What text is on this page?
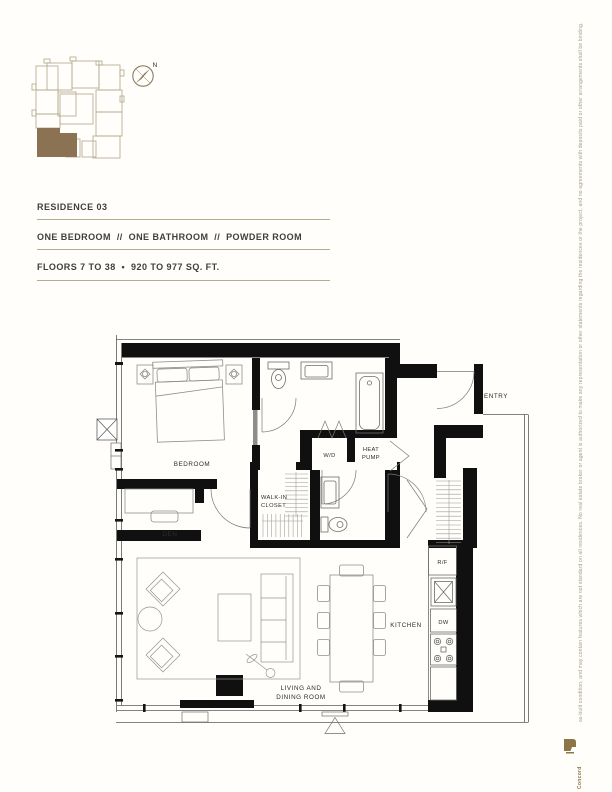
N
RESIDENCE 03
ONE BEDROOM  //  ONE BATHROOM  //  POWDER ROOM
FLOORS 7 TO 38  •  920 TO 977 SQ. FT.
BEDROOM
DEN
WALK-IN
CLOSET
W/D
HEAT
PUMP
ENTRY
KITCHEN
LIVING AND
DINING ROOM
R/F
DW	as-built condition, and may contain features which are not standard on all residences. No real estate broker or agent is authorized to make any representation or other statements regarding the residences or the project, and no agreements with deposits paid or other arrangements shall be binding.
Concord
